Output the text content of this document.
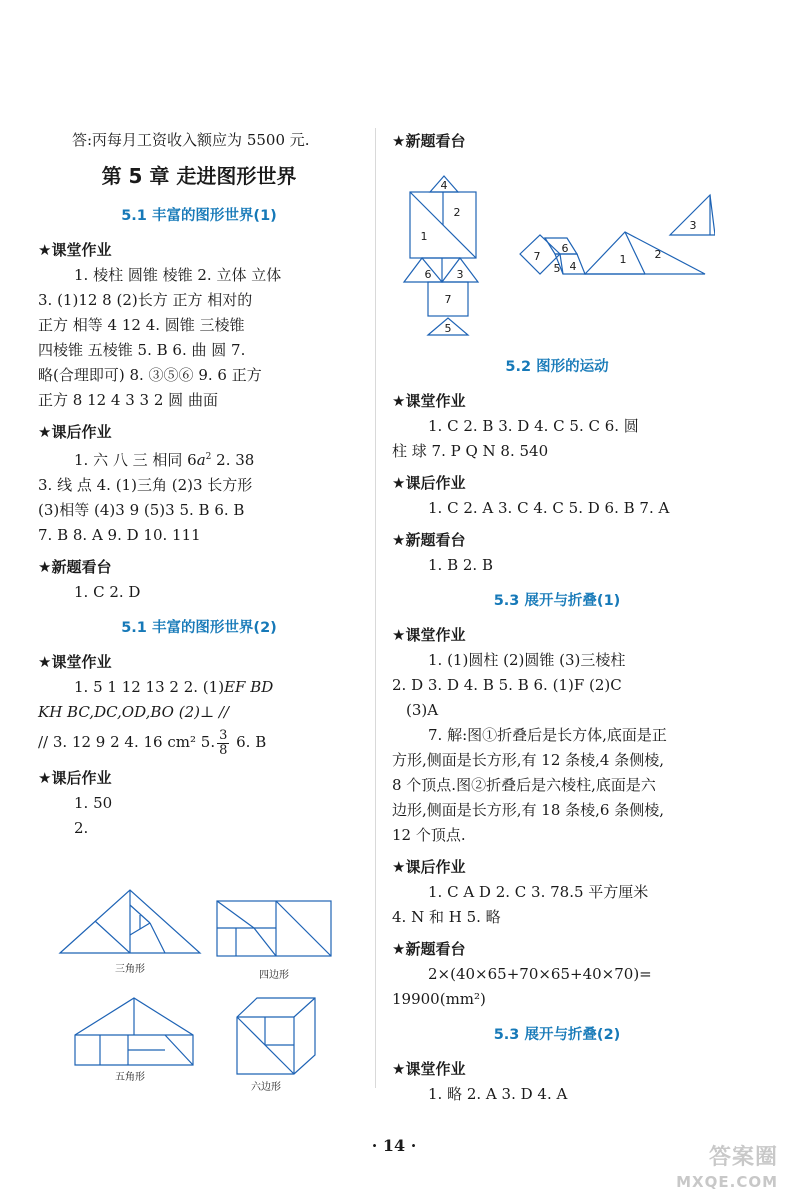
答:丙每月工资收入额应为 5500 元.
第 5 章 走进图形世界
5.1 丰富的图形世界(1)
★课堂作业
1. 棱柱 圆锥 棱锥 2. 立体 立体
3. (1)12 8 (2)长方 正方 相对的
正方 相等 4 12 4. 圆锥 三棱锥
四棱锥 五棱锥 5. B 6. 曲 圆 7.
略(合理即可) 8. ③⑤⑥ 9. 6 正方
正方 8 12 4 3 3 2 圆 曲面
★课后作业
1. 六 八 三 相同 $6a^2$ 2. 38
3. 线 点 4. (1)三角 (2)3 长方形
(3)相等 (4)3 9 (5)3 5. B 6. B
7. B 8. A 9. D 10. 111
★新题看台
1. C 2. D
5.1 丰富的图形世界(2)
★课堂作业
1. 5 1 12 13 2 2. (1)EF BD
KH BC,DC,OD,BO (2)⊥ //
// 3. 12 9 2 4. 16 cm² 5. $\frac{3}{8} 6$. B
★课后作业
1. 50
2.
三角形
四边形
五角形
六边形
★新题看台
5.2 图形的运动
★课堂作业
1. C 2. B 3. D 4. C 5. C 6. 圆
柱 球 7. P Q N 8. 540
★课后作业
1. C 2. A 3. C 4. C 5. D 6. B 7. A
★新题看台
1. B 2. B
5.3 展开与折叠(1)
★课堂作业
1. (1)圆柱 (2)圆锥 (3)三棱柱
2. D 3. D 4. B 5. B 6. (1)F (2)C
(3)A
7. 解:图①折叠后是长方体,底面是正
方形,侧面是长方形,有 12 条棱,4 条侧棱,
8 个顶点.图②折叠后是六棱柱,底面是六
边形,侧面是长方形,有 18 条棱,6 条侧棱,
12 个顶点.
★课后作业
1. C A D 2. C 3. 78.5 平方厘米
4. N 和 H 5. 略
★新题看台
2×(40×65+70×65+40×70)=
19900(mm²)
5.3 展开与折叠(2)
★课堂作业
1. 略 2. A 3. D 4. A
4
2
1
6 3
7
5
3
2
1
6
7
5 4
· 14 ·	答案圈
MXQE.COM
